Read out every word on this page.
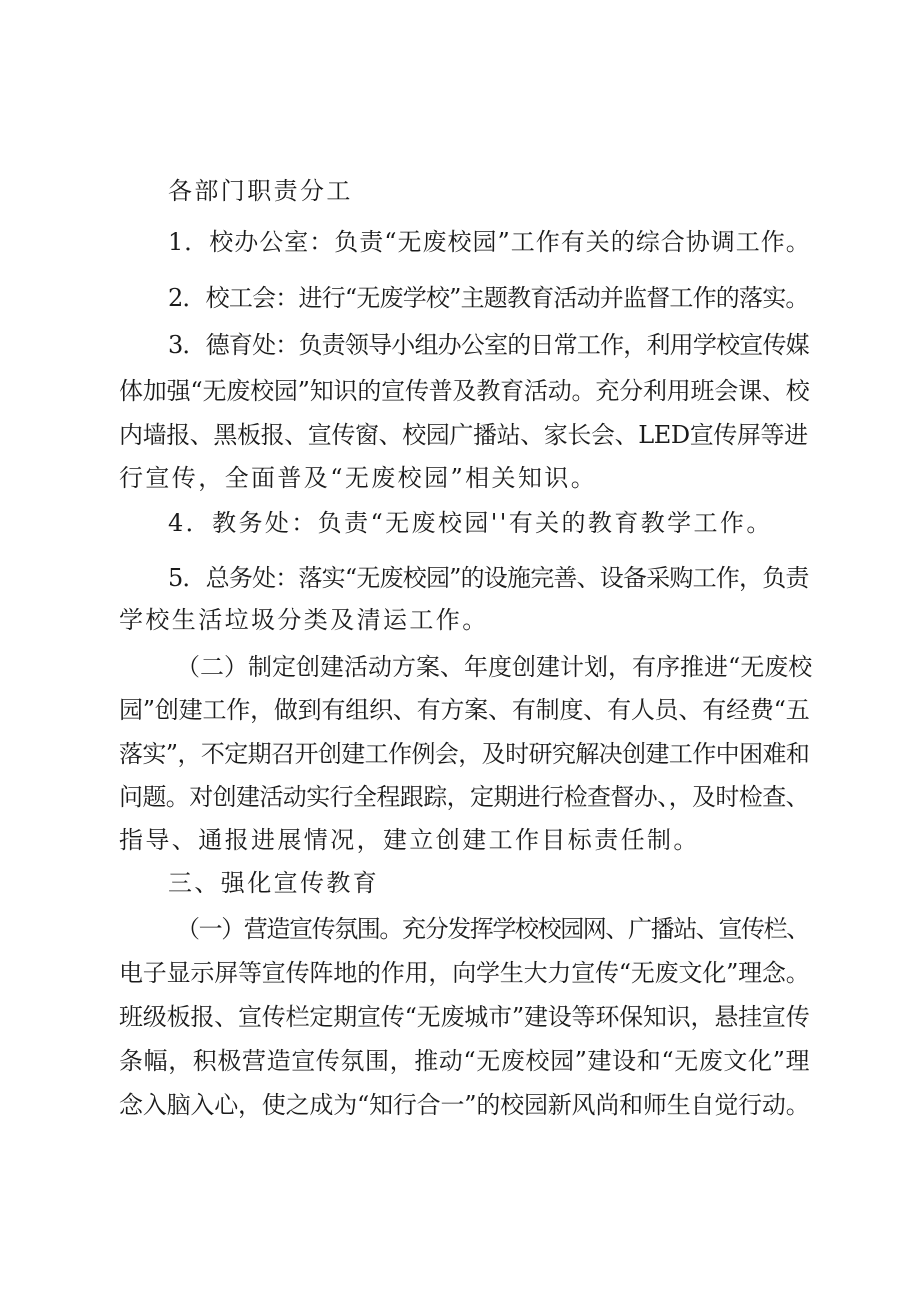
各部门职责分工
1．校办公室：负责“无废校园”工作有关的综合协调工作。
2．校工会：进行“无废学校”主题教育活动并监督工作的落实。
3．德育处：负责领导小组办公室的日常工作，利用学校宣传媒
体加强“无废校园”知识的宣传普及教育活动。充分利用班会课、校
内墙报、黑板报、宣传窗、校园广播站、家长会、LED宣传屏等进
行宣传，全面普及“无废校园”相关知识。
4．教务处：负责“无废校园''有关的教育教学工作。
5．总务处：落实“无废校园”的设施完善、设备采购工作，负责
学校生活垃圾分类及清运工作。
（二）制定创建活动方案、年度创建计划，有序推进“无废校
园”创建工作，做到有组织、有方案、有制度、有人员、有经费“五
落实”，不定期召开创建工作例会，及时研究解决创建工作中困难和
问题。对创建活动实行全程跟踪，定期进行检查督办、，及时检查、
指导、通报进展情况，建立创建工作目标责任制。
三、强化宣传教育
（一）营造宣传氛围。充分发挥学校校园网、广播站、宣传栏、
电子显示屏等宣传阵地的作用，向学生大力宣传“无废文化”理念。
班级板报、宣传栏定期宣传“无废城市”建设等环保知识，悬挂宣传
条幅，积极营造宣传氛围，推动“无废校园”建设和“无废文化”理
念入脑入心，使之成为“知行合一”的校园新风尚和师生自觉行动。
